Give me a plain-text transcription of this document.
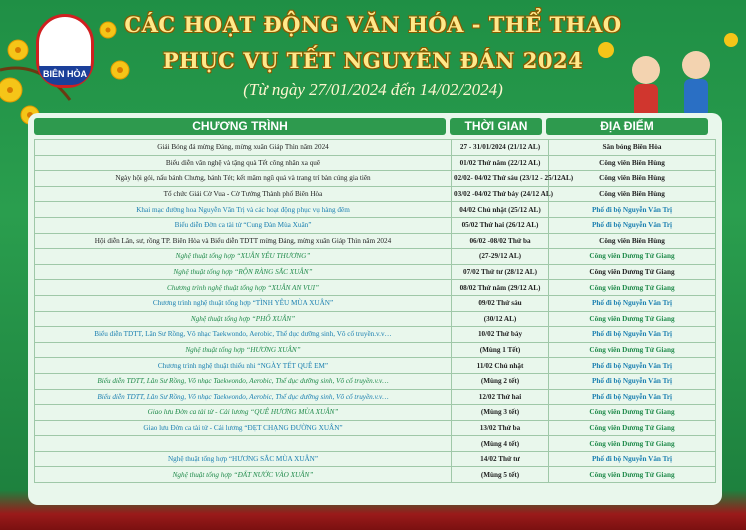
BIÊN HÒA
CÁC HOẠT ĐỘNG VĂN HÓA - THỂ THAO
PHỤC VỤ TẾT NGUYÊN ĐÁN 2024
(Từ ngày 27/01/2024 đến 14/02/2024)
CHƯƠNG TRÌNH	THỜI GIAN	ĐỊA ĐIỂM
Giải Bóng đá mừng Đảng, mừng xuân Giáp Thìn năm 2024	27 - 31/01/2024 (21/12 AL)	Sân bóng Biên Hòa
Biểu diễn văn nghệ và tặng quà Tết công nhân xa quê	01/02 Thứ năm (22/12 AL)	Công viên Biên Hùng
Ngày hội gói, nấu bánh Chưng, bánh Tét; kết mâm ngũ quả và trang trí bàn cúng gia tiên	02/02- 04/02 Thứ sáu (23/12 - 25/12AL)	Công viên Biên Hùng
Tổ chức Giải Cờ Vua - Cờ Tướng Thành phố Biên Hòa	03/02 -04/02 Thứ bảy (24/12 AL)	Công viên Biên Hùng
Khai mạc đường hoa Nguyễn Văn Trị và các hoạt động phục vụ hàng đêm	04/02 Chủ nhật (25/12 AL)	Phố đi bộ Nguyễn Văn Trị
Biểu diễn Đờn ca tài tử “Cung Đàn Mùa Xuân”	05/02 Thứ hai (26/12 AL)	Phố đi bộ Nguyễn Văn Trị
Hội diễn Lân, sư, rồng TP. Biên Hòa và Biểu diễn TDTT mừng Đảng, mừng xuân Giáp Thìn năm 2024	06/02 -08/02 Thứ ba	Công viên Biên Hùng
Nghệ thuật tổng hợp “XUÂN YÊU THƯƠNG”	(27-29/12 AL)	Công viên Dương Tử Giang
Nghệ thuật tổng hợp “RỘN RÀNG SẮC XUÂN”	07/02 Thứ tư (28/12 AL)	Công viên Dương Tử Giang
Chương trình nghệ thuật tổng hợp “XUÂN AN VUI”	08/02 Thứ năm (29/12 AL)	Công viên Dương Tử Giang
Chương trình nghệ thuật tổng hợp “TÌNH YÊU MÙA XUÂN”	09/02 Thứ sáu	Phố đi bộ Nguyễn Văn Trị
Nghệ thuật tổng hợp “PHỐ XUÂN”	(30/12 AL)	Công viên Dương Tử Giang
Biểu diễn TDTT, Lân Sư Rồng, Võ nhạc Taekwondo, Aerobic, Thể dục dưỡng sinh, Võ cổ truyền.v.v…	10/02 Thứ bảy	Phố đi bộ Nguyễn Văn Trị
Nghệ thuật tổng hợp “HƯƠNG XUÂN”	(Mùng 1 Tết)	Công viên Dương Tử Giang
Chương trình nghệ thuật thiếu nhi “NGÀY TẾT QUÊ EM”	11/02 Chủ nhật	Phố đi bộ Nguyễn Văn Trị
Biểu diễn TDTT, Lân Sư Rồng, Võ nhạc Taekwondo, Aerobic, Thể dục dưỡng sinh, Võ cổ truyền.v.v…	(Mùng 2 tết)	Phố đi bộ Nguyễn Văn Trị
Biểu diễn TDTT, Lân Sư Rồng, Võ nhạc Taekwondo, Aerobic, Thể dục dưỡng sinh, Võ cổ truyền.v.v…	12/02 Thứ hai	Phố đi bộ Nguyễn Văn Trị
Giao lưu Đờn ca tài tử - Cải lương “QUÊ HƯƠNG MÙA XUÂN”	(Mùng 3 tết)	Công viên Dương Tử Giang
Giao lưu Đờn ca tài tử - Cải lương “ĐẸT CHẠNG ĐƯỜNG XUÂN”	13/02 Thứ ba	Công viên Dương Tử Giang
	(Mùng 4 tết)	Công viên Dương Tử Giang
Nghệ thuật tổng hợp “HƯƠNG SẮC MÙA XUÂN”	14/02 Thứ tư	Phố đi bộ Nguyễn Văn Trị
Nghệ thuật tổng hợp “ĐẤT NƯỚC VÀO XUÂN”	(Mùng 5 tết)	Công viên Dương Tử Giang
